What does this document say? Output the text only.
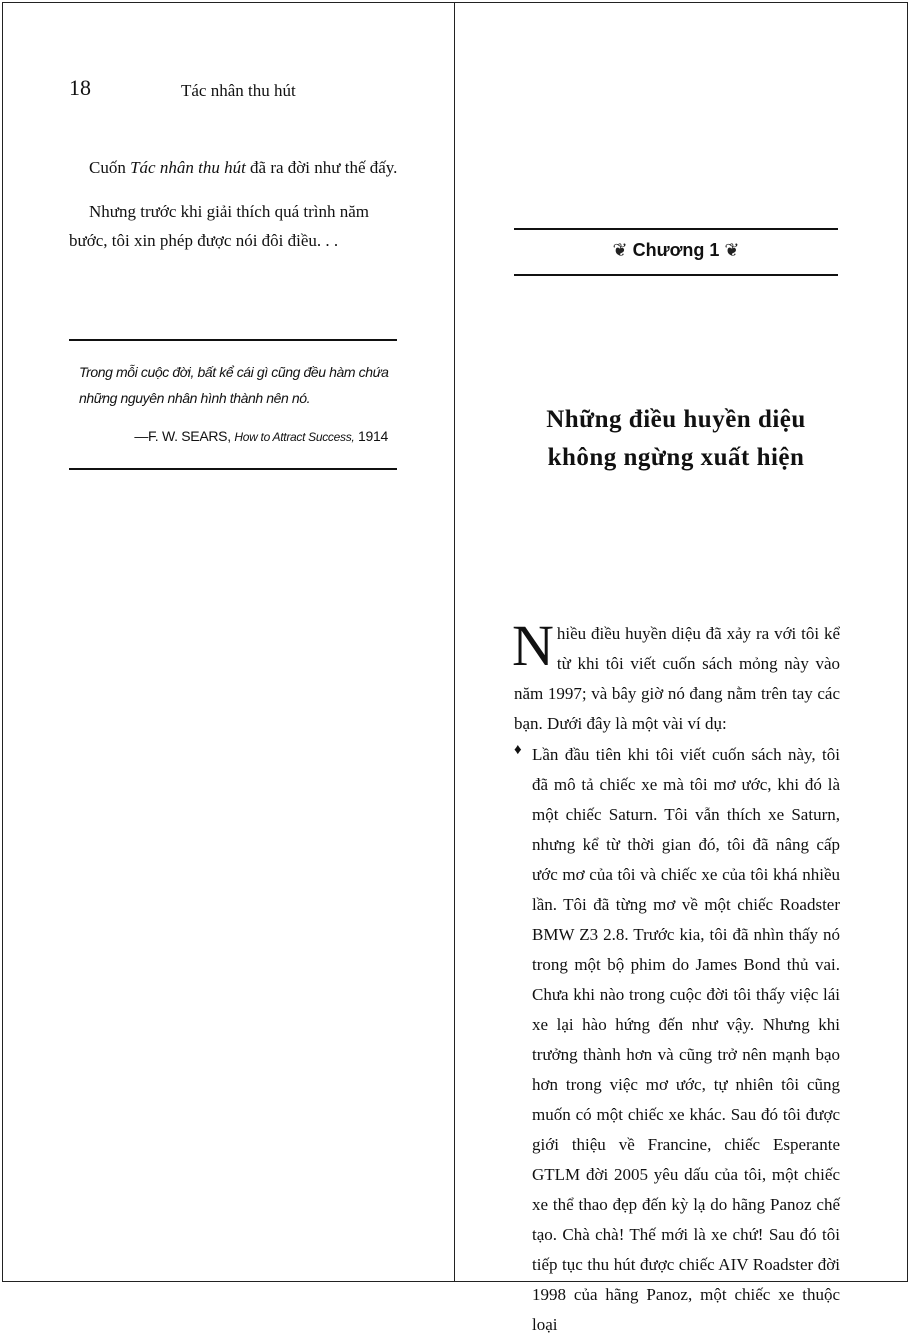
18	Tác nhân thu hút

Cuốn Tác nhân thu hút đã ra đời như thế đấy.

Nhưng trước khi giải thích quá trình năm bước, tôi xin phép được nói đôi điều. . .

Trong mỗi cuộc đời, bất kể cái gì cũng đều hàm chứa những nguyên nhân hình thành nên nó.
—F. W. SEARS, How to Attract Success, 1914
❦ Chương 1 ❦
Những điều huyền diệu
không ngừng xuất hiện

Nhiều điều huyền diệu đã xảy ra với tôi kể từ khi tôi viết cuốn sách mỏng này vào năm 1997; và bây giờ nó đang nằm trên tay các bạn. Dưới đây là một vài ví dụ:

♦ Lần đầu tiên khi tôi viết cuốn sách này, tôi đã mô tả chiếc xe mà tôi mơ ước, khi đó là một chiếc Saturn. Tôi vẫn thích xe Saturn, nhưng kể từ thời gian đó, tôi đã nâng cấp ước mơ của tôi và chiếc xe của tôi khá nhiều lần. Tôi đã từng mơ về một chiếc Roadster BMW Z3 2.8. Trước kia, tôi đã nhìn thấy nó trong một bộ phim do James Bond thủ vai. Chưa khi nào trong cuộc đời tôi thấy việc lái xe lại hào hứng đến như vậy. Nhưng khi trưởng thành hơn và cũng trở nên mạnh bạo hơn trong việc mơ ước, tự nhiên tôi cũng muốn có một chiếc xe khác. Sau đó tôi được giới thiệu về Francine, chiếc Esperante GTLM đời 2005 yêu dấu của tôi, một chiếc xe thể thao đẹp đến kỳ lạ do hãng Panoz chế tạo. Chà chà! Thế mới là xe chứ! Sau đó tôi tiếp tục thu hút được chiếc AIV Roadster đời 1998 của hãng Panoz, một chiếc xe thuộc loại
